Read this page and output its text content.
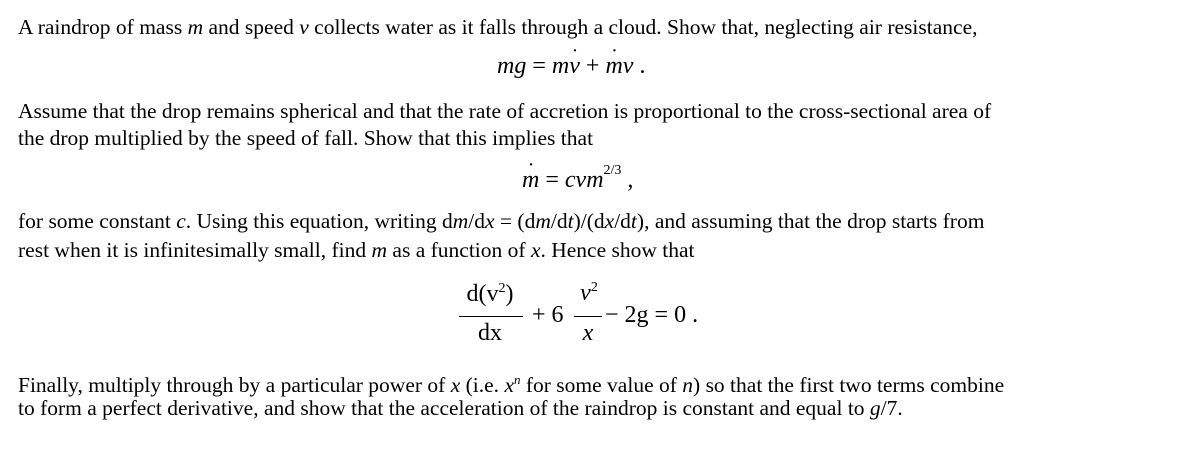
A raindrop of mass m and speed v collects water as it falls through a cloud. Show that, neglecting air resistance,
mg = mv ˙ + m ˙v .
Assume that the drop remains spherical and that the rate of accretion is proportional to the cross-sectional area of
the drop multiplied by the speed of fall. Show that this implies that
m ˙ = cvm$^{2/3}$ ,
for some constant c. Using this equation, writing dm/dx = (dm/dt)/(dx/dt), and assuming that the drop starts from
rest when it is infinitesimally small, find m as a function of x. Hence show that
$d(v^2)$
dx
+ 6
$v^2$
x
− 2g = 0 .
Finally, multiply through by a particular power of x (i.e. $x^n$ for some value of n) so that the first two terms combine
to form a perfect derivative, and show that the acceleration of the raindrop is constant and equal to g/7.
